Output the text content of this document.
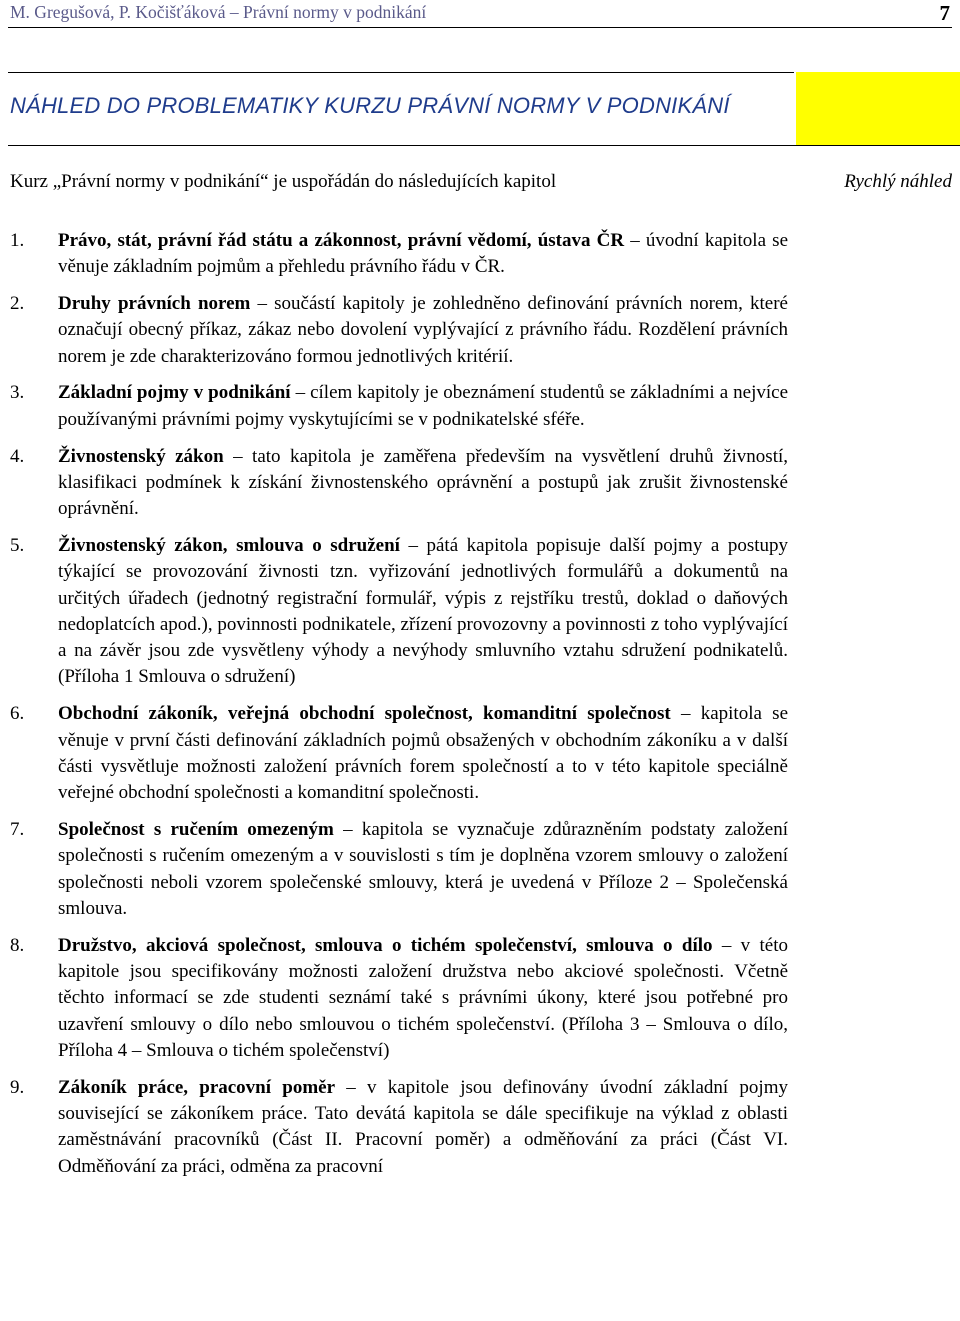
M. Gregušová, P. Kočišťáková – Právní normy v podnikání	7
NÁHLED DO PROBLEMATIKY KURZU PRÁVNÍ NORMY V PODNIKÁNÍ
Kurz „Právní normy v podnikání“ je uspořádán do následujících kapitol	Rychlý náhled
1.	Právo, stát, právní řád státu a zákonnost, právní vědomí, ústava ČR – úvodní kapitola se věnuje základním pojmům a přehledu právního řádu v ČR.
2.	Druhy právních norem – součástí kapitoly je zohledněno definování právních norem, které označují obecný příkaz, zákaz nebo dovolení vyplývající z právního řádu. Rozdělení právních norem je zde charakterizováno formou jednotlivých kritérií.
3.	Základní pojmy v podnikání – cílem kapitoly je obeznámení studentů se základními a nejvíce používanými právními pojmy vyskytujícími se v podnikatelské sféře.
4.	Živnostenský zákon – tato kapitola je zaměřena především na vysvětlení druhů živností, klasifikaci podmínek k získání živnostenského oprávnění a postupů jak zrušit živnostenské oprávnění.
5.	Živnostenský zákon, smlouva o sdružení – pátá kapitola popisuje další pojmy a postupy týkající se provozování živnosti tzn. vyřizování jednotlivých formulářů a dokumentů na určitých úřadech (jednotný registrační formulář, výpis z rejstříku trestů, doklad o daňových nedoplatcích apod.), povinnosti podnikatele, zřízení provozovny a povinnosti z toho vyplývající a na závěr jsou zde vysvětleny výhody a nevýhody smluvního vztahu sdružení podnikatelů. (Příloha 1 Smlouva o sdružení)
6.	Obchodní zákoník, veřejná obchodní společnost, komanditní společnost – kapitola se věnuje v první části definování základních pojmů obsažených v obchodním zákoníku a v další části vysvětluje možnosti založení právních forem společností a to v této kapitole speciálně veřejné obchodní společnosti a komanditní společnosti.
7.	Společnost s ručením omezeným – kapitola se vyznačuje zdůrazněním podstaty založení společnosti s ručením omezeným a v souvislosti s tím je doplněna vzorem smlouvy o založení společnosti neboli vzorem společenské smlouvy, která je uvedená v Příloze 2 – Společenská smlouva.
8.	Družstvo, akciová společnost, smlouva o tichém společenství, smlouva o dílo – v této kapitole jsou specifikovány možnosti založení družstva nebo akciové společnosti. Včetně těchto informací se zde studenti seznámí také s právními úkony, které jsou potřebné pro uzavření smlouvy o dílo nebo smlouvou o tichém společenství. (Příloha 3 – Smlouva o dílo, Příloha 4 – Smlouva o tichém společenství)
9.	Zákoník práce, pracovní poměr – v kapitole jsou definovány úvodní základní pojmy související se zákoníkem práce. Tato devátá kapitola se dále specifikuje na výklad z oblasti zaměstnávání pracovníků (Část II. Pracovní poměr) a odměňování za práci (Část VI. Odměňování za práci, odměna za pracovní
